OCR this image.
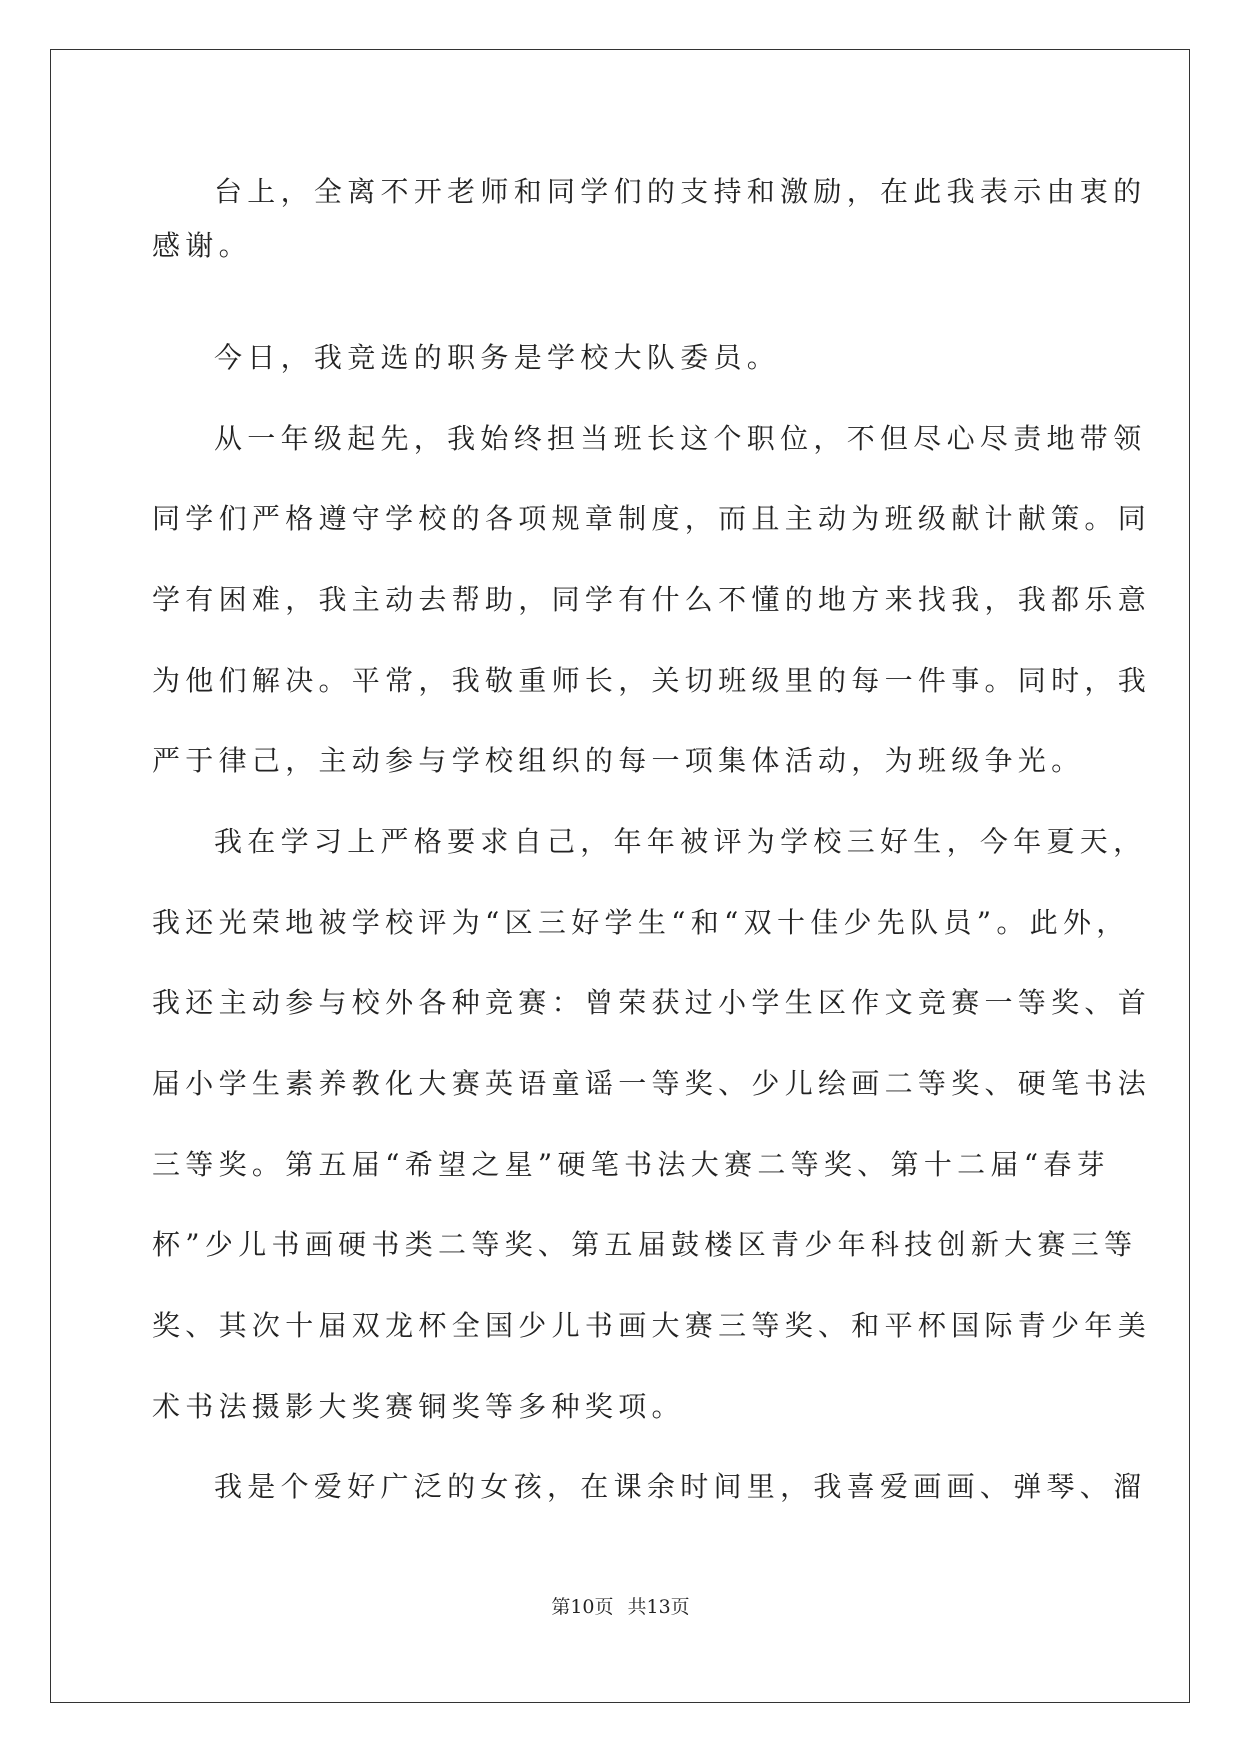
台上，全离不开老师和同学们的支持和激励，在此我表示由衷的
感谢。
今日，我竞选的职务是学校大队委员。
从一年级起先，我始终担当班长这个职位，不但尽心尽责地带领
同学们严格遵守学校的各项规章制度，而且主动为班级献计献策。同
学有困难，我主动去帮助，同学有什么不懂的地方来找我，我都乐意
为他们解决。平常，我敬重师长，关切班级里的每一件事。同时，我
严于律己，主动参与学校组织的每一项集体活动，为班级争光。
我在学习上严格要求自己，年年被评为学校三好生，今年夏天，
我还光荣地被学校评为“区三好学生“和“双十佳少先队员”。此外，
我还主动参与校外各种竞赛：曾荣获过小学生区作文竞赛一等奖、首
届小学生素养教化大赛英语童谣一等奖、少儿绘画二等奖、硬笔书法
三等奖。第五届“希望之星”硬笔书法大赛二等奖、第十二届“春芽
杯”少儿书画硬书类二等奖、第五届鼓楼区青少年科技创新大赛三等
奖、其次十届双龙杯全国少儿书画大赛三等奖、和平杯国际青少年美
术书法摄影大奖赛铜奖等多种奖项。
我是个爱好广泛的女孩，在课余时间里，我喜爱画画、弹琴、溜
第10页 共13页
